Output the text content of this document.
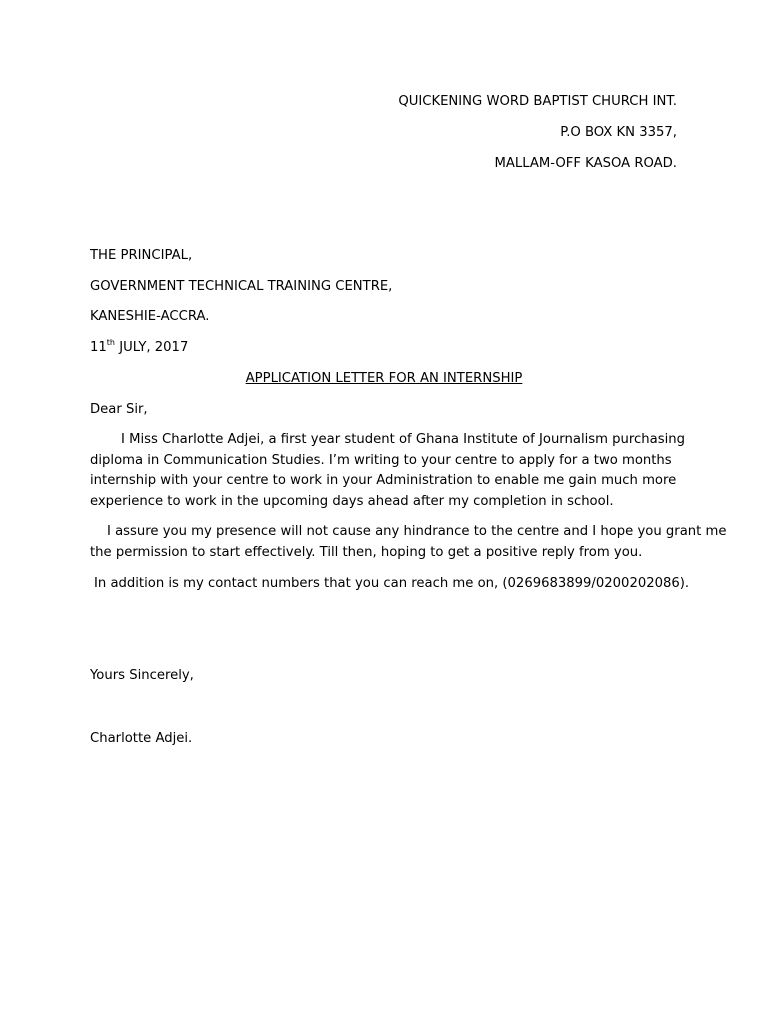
QUICKENING WORD BAPTIST CHURCH INT.
P.O BOX KN 3357,
MALLAM-OFF KASOA ROAD.
THE PRINCIPAL,
GOVERNMENT TECHNICAL TRAINING CENTRE,
KANESHIE-ACCRA.
11th JULY, 2017
APPLICATION LETTER FOR AN INTERNSHIP
Dear Sir,
I Miss Charlotte Adjei, a first year student of Ghana Institute of Journalism purchasing
diploma in Communication Studies. I’m writing to your centre to apply for a two months
internship with your centre to work in your Administration to enable me gain much more
experience to work in the upcoming days ahead after my completion in school.
I assure you my presence will not cause any hindrance to the centre and I hope you grant me
the permission to start effectively. Till then, hoping to get a positive reply from you.
In addition is my contact numbers that you can reach me on, (0269683899/0200202086).
Yours Sincerely,
Charlotte Adjei.
